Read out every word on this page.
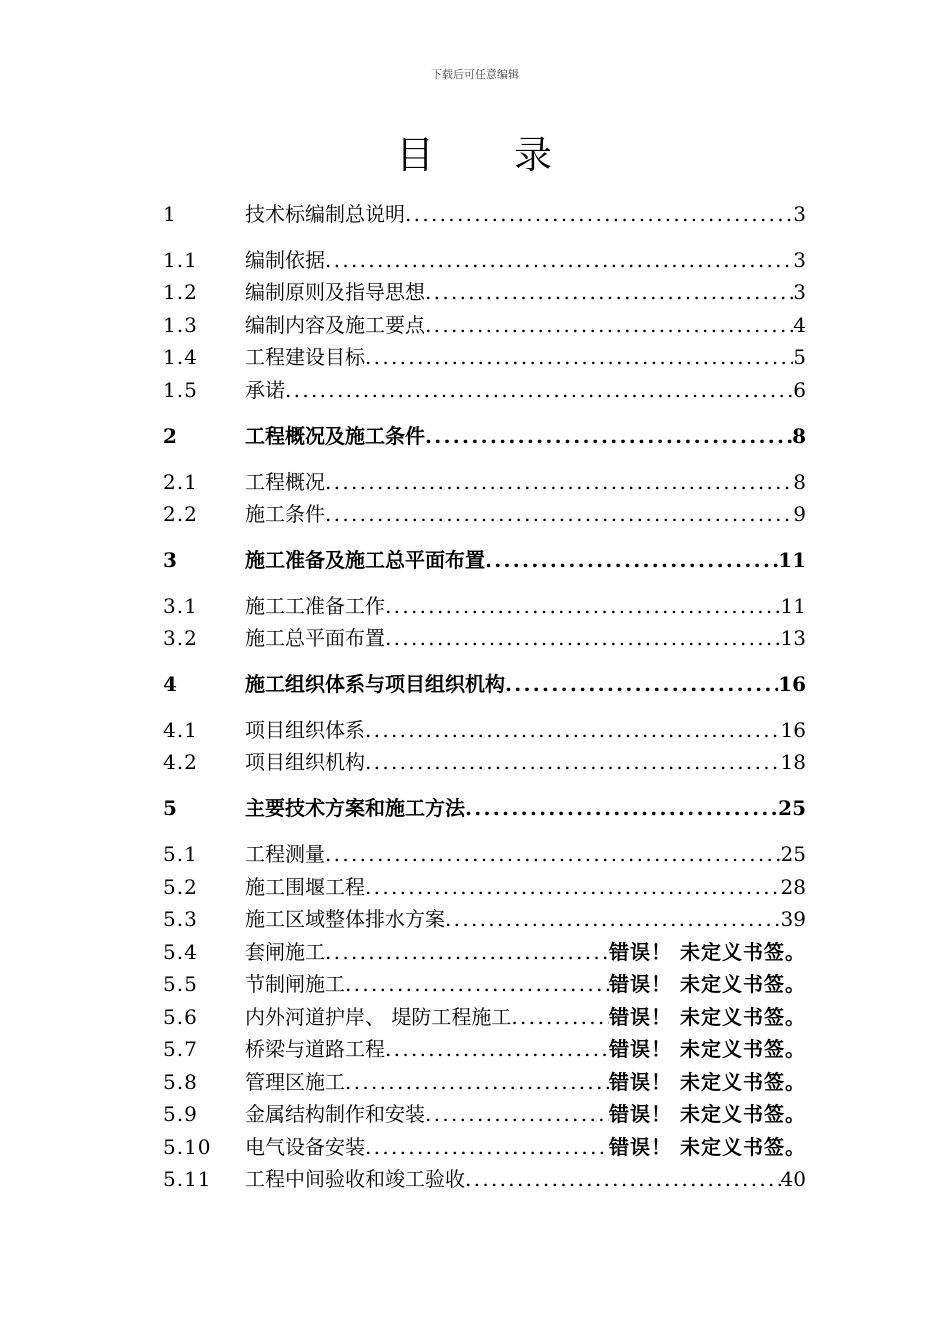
下载后可任意编辑
目 录
1	技术标编制总说明 .....	3
1.1	编制依据 .....	3
1.2	编制原则及指导思想 .....	3
1.3	编制内容及施工要点 .....	4
1.4	工程建设目标 .....	5
1.5	承诺 .....	6
2	工程概况及施工条件 .....	8
2.1	工程概况 .....	8
2.2	施工条件 .....	9
3	施工准备及施工总平面布置 .....	11
3.1	施工工准备工作 .....	11
3.2	施工总平面布置 .....	13
4	施工组织体系与项目组织机构 .....	16
4.1	项目组织体系 .....	16
4.2	项目组织机构 .....	18
5	主要技术方案和施工方法 .....	25
5.1	工程测量 .....	25
5.2	施工围堰工程 .....	28
5.3	施工区域整体排水方案 .....	39
5.4	套闸施工 .....	错误！ 未定义书签。
5.5	节制闸施工 .....	错误！ 未定义书签。
5.6	内外河道护岸、 堤防工程施工 .....	错误！ 未定义书签。
5.7	桥梁与道路工程 .....	错误！ 未定义书签。
5.8	管理区施工 .....	错误！ 未定义书签。
5.9	金属结构制作和安装 .....	错误！ 未定义书签。
5.10	电气设备安装 .....	错误！ 未定义书签。
5.11	工程中间验收和竣工验收 .....	40
